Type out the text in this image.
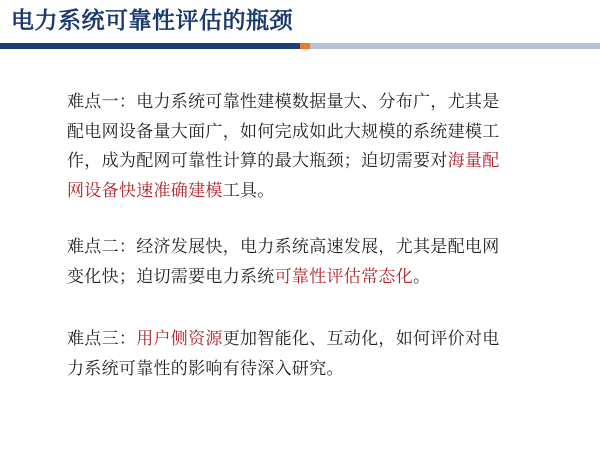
电力系统可靠性评估的瓶颈
难点一：电力系统可靠性建模数据量大、分布广，尤其是配电网设备量大面广，如何完成如此大规模的系统建模工作，成为配网可靠性计算的最大瓶颈；迫切需要对海量配网设备快速准确建模工具。
难点二：经济发展快，电力系统高速发展，尤其是配电网变化快；迫切需要电力系统可靠性评估常态化。
难点三：用户侧资源更加智能化、互动化，如何评价对电力系统可靠性的影响有待深入研究。
